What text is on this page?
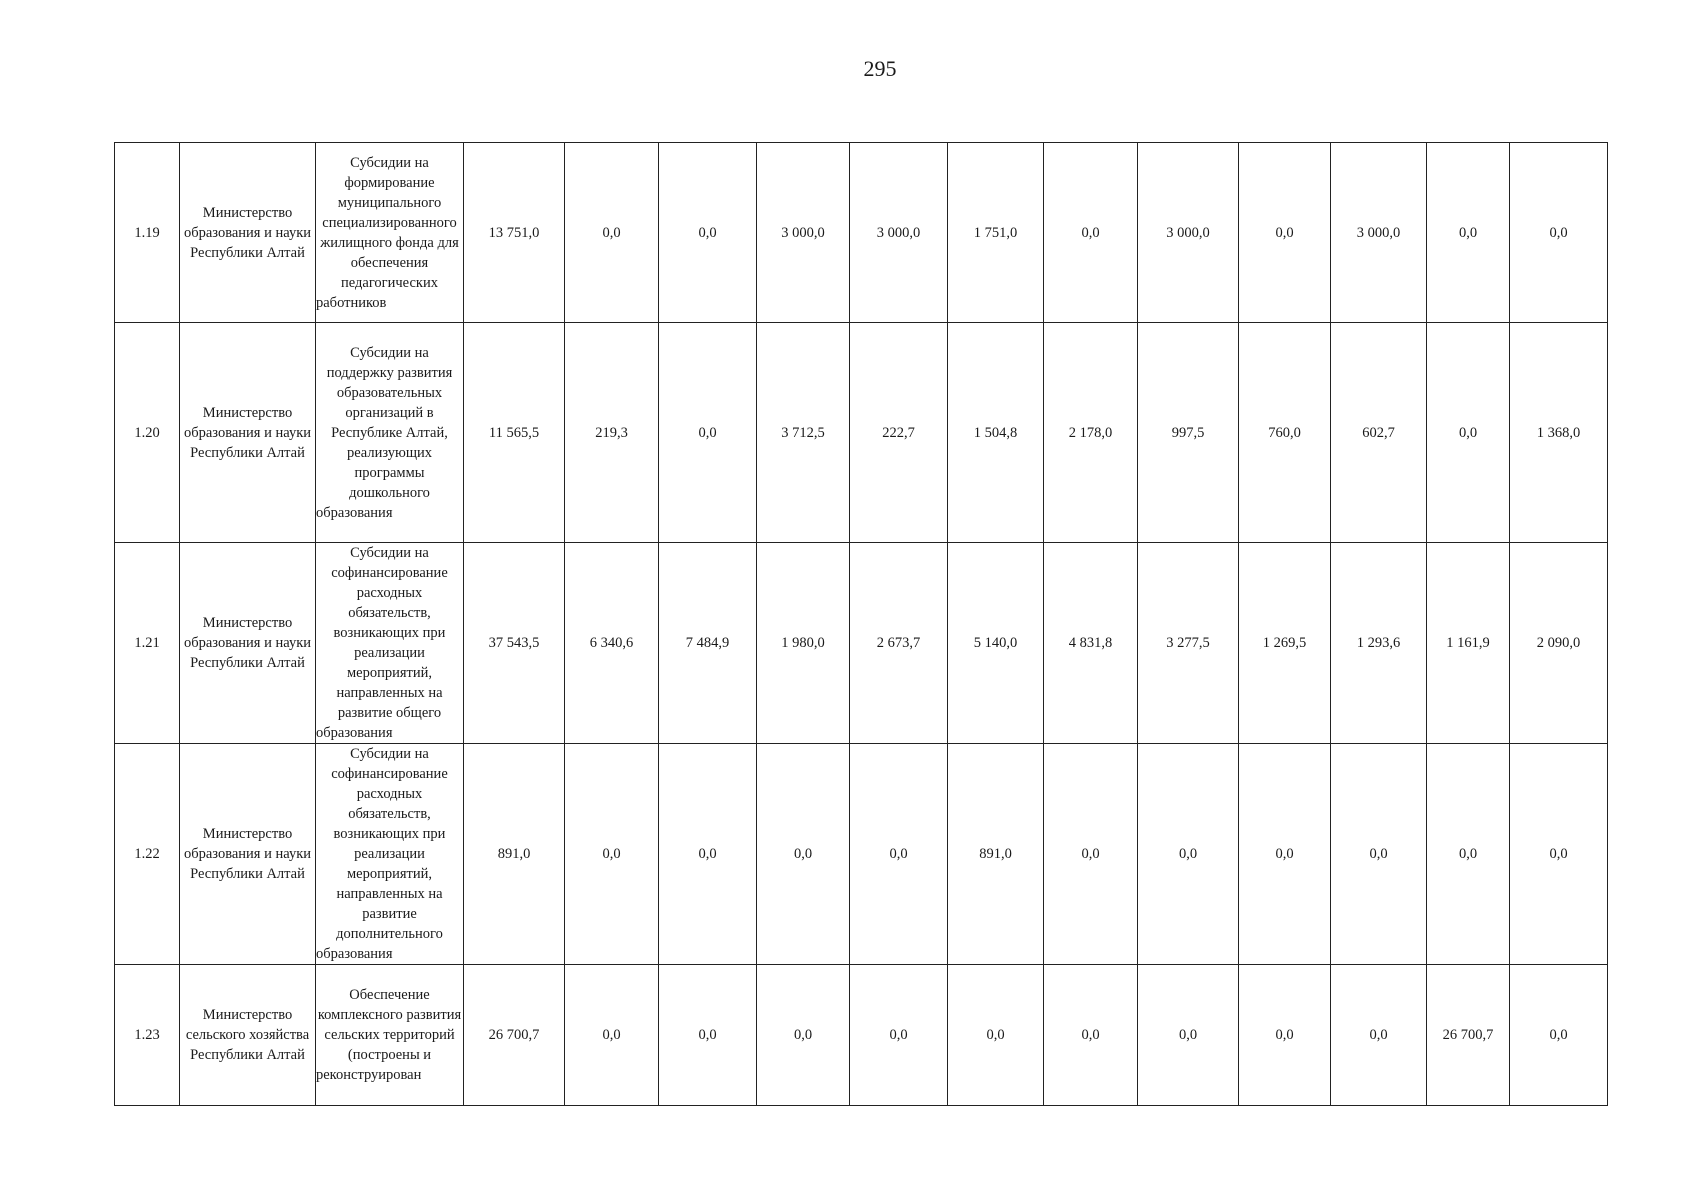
295
1.19	Министерство образования и науки Республики Алтай	Субсидии на формирование муниципального специализированного жилищного фонда для обеспечения педагогических работников	13 751,0	0,0	0,0	3 000,0	3 000,0	1 751,0	0,0	3 000,0	0,0	3 000,0	0,0	0,0
1.20	Министерство образования и науки Республики Алтай	Субсидии на поддержку развития образовательных организаций в Республике Алтай, реализующих программы дошкольного образования	11 565,5	219,3	0,0	3 712,5	222,7	1 504,8	2 178,0	997,5	760,0	602,7	0,0	1 368,0
1.21	Министерство образования и науки Республики Алтай	Субсидии на софинансирование расходных обязательств, возникающих при реализации мероприятий, направленных на развитие общего образования	37 543,5	6 340,6	7 484,9	1 980,0	2 673,7	5 140,0	4 831,8	3 277,5	1 269,5	1 293,6	1 161,9	2 090,0
1.22	Министерство образования и науки Республики Алтай	Субсидии на софинансирование расходных обязательств, возникающих при реализации мероприятий, направленных на развитие дополнительного образования	891,0	0,0	0,0	0,0	0,0	891,0	0,0	0,0	0,0	0,0	0,0	0,0
1.23	Министерство сельского хозяйства Республики Алтай	Обеспечение комплексного развития сельских территорий (построены и реконструирован	26 700,7	0,0	0,0	0,0	0,0	0,0	0,0	0,0	0,0	0,0	26 700,7	0,0
